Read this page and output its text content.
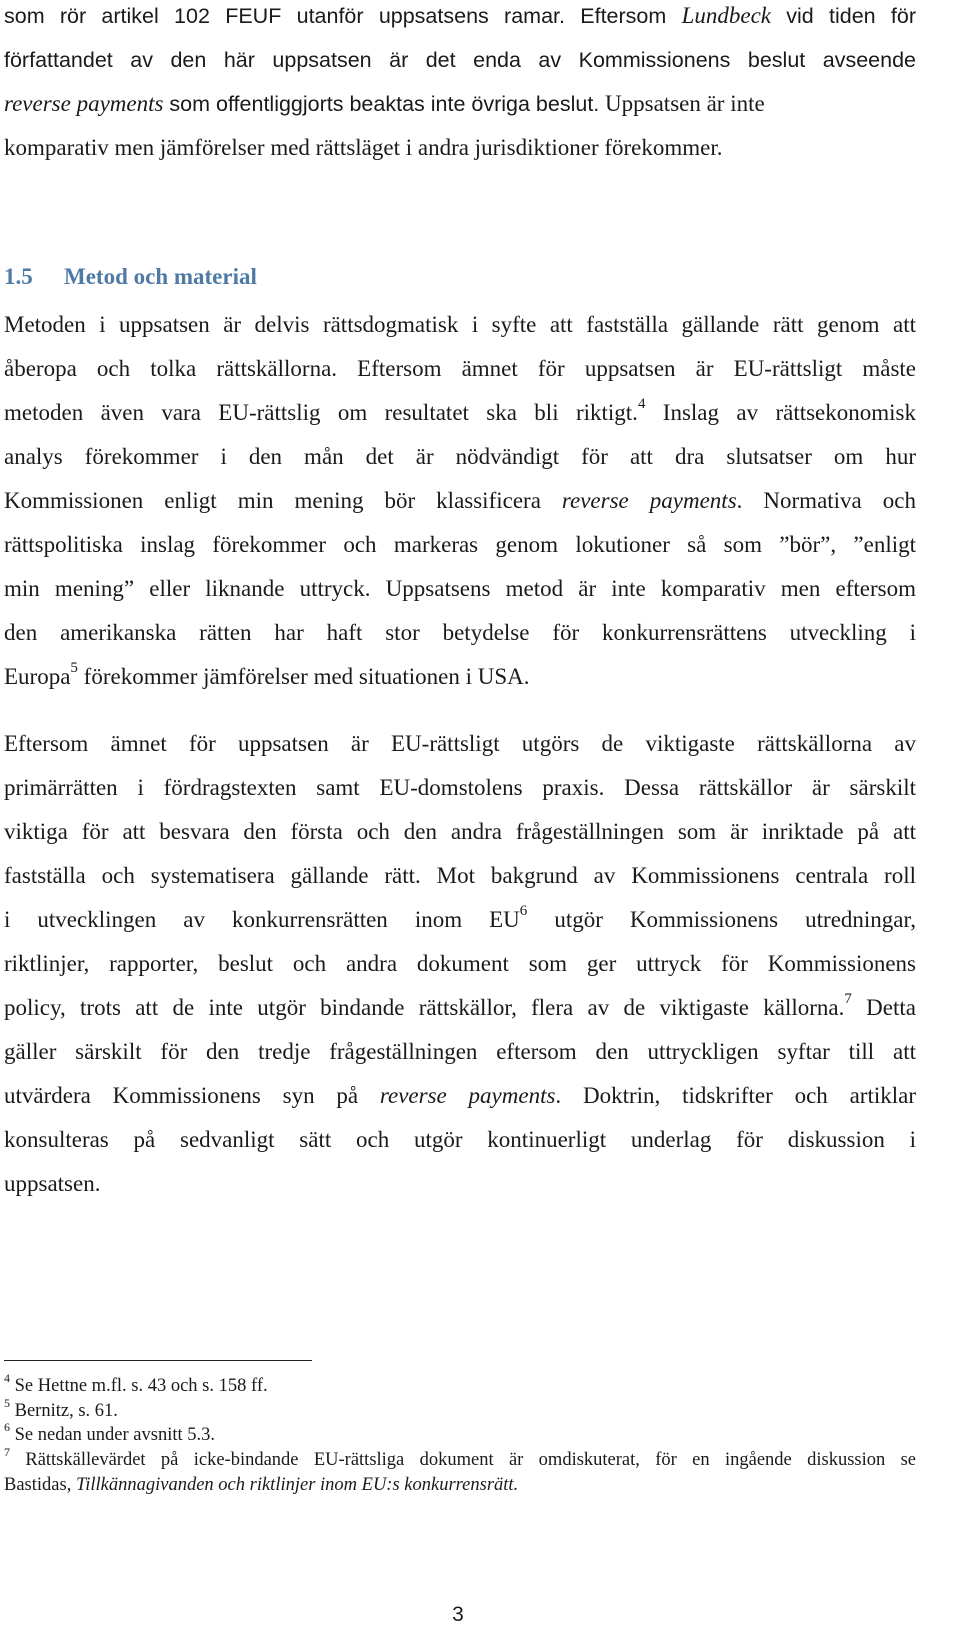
som rör artikel 102 FEUF utanför uppsatsens ramar. Eftersom Lundbeck vid tiden för
författandet av den här uppsatsen är det enda av Kommissionens beslut avseende
reverse payments som offentliggjorts beaktas inte övriga beslut. Uppsatsen är inte
komparativ men jämförelser med rättsläget i andra jurisdiktioner förekommer.
1.5 Metod och material
Metoden i uppsatsen är delvis rättsdogmatisk i syfte att fastställa gällande rätt genom att
åberopa och tolka rättskällorna. Eftersom ämnet för uppsatsen är EU-rättsligt måste
metoden även vara EU-rättslig om resultatet ska bli riktigt.$^4$ Inslag av rättsekonomisk
analys förekommer i den mån det är nödvändigt för att dra slutsatser om hur
Kommissionen enligt min mening bör klassificera reverse payments. Normativa och
rättspolitiska inslag förekommer och markeras genom lokutioner så som ”bör”, ”enligt
min mening” eller liknande uttryck. Uppsatsens metod är inte komparativ men eftersom
den amerikanska rätten har haft stor betydelse för konkurrensrättens utveckling i
Europa$^5$ förekommer jämförelser med situationen i USA.
Eftersom ämnet för uppsatsen är EU-rättsligt utgörs de viktigaste rättskällorna av
primärrätten i fördragstexten samt EU-domstolens praxis. Dessa rättskällor är särskilt
viktiga för att besvara den första och den andra frågeställningen som är inriktade på att
fastställa och systematisera gällande rätt. Mot bakgrund av Kommissionens centrala roll
i utvecklingen av konkurrensrätten inom $EU^6$ utgör Kommissionens utredningar,
riktlinjer, rapporter, beslut och andra dokument som ger uttryck för Kommissionens
policy, trots att de inte utgör bindande rättskällor, flera av de viktigaste källorna.$^7$ Detta
gäller särskilt för den tredje frågeställningen eftersom den uttryckligen syftar till att
utvärdera Kommissionens syn på reverse payments. Doktrin, tidskrifter och artiklar
konsulteras på sedvanligt sätt och utgör kontinuerligt underlag för diskussion i
uppsatsen.
$^4$ Se Hettne m.fl. s. 43 och s. 158 ff.
$^5$ Bernitz, s. 61.
$^6$ Se nedan under avsnitt 5.3.
$^7$ Rättskällevärdet på icke-bindande EU-rättsliga dokument är omdiskuterat, för en ingående diskussion se
Bastidas, Tillkännagivanden och riktlinjer inom EU:s konkurrensrätt.
3
